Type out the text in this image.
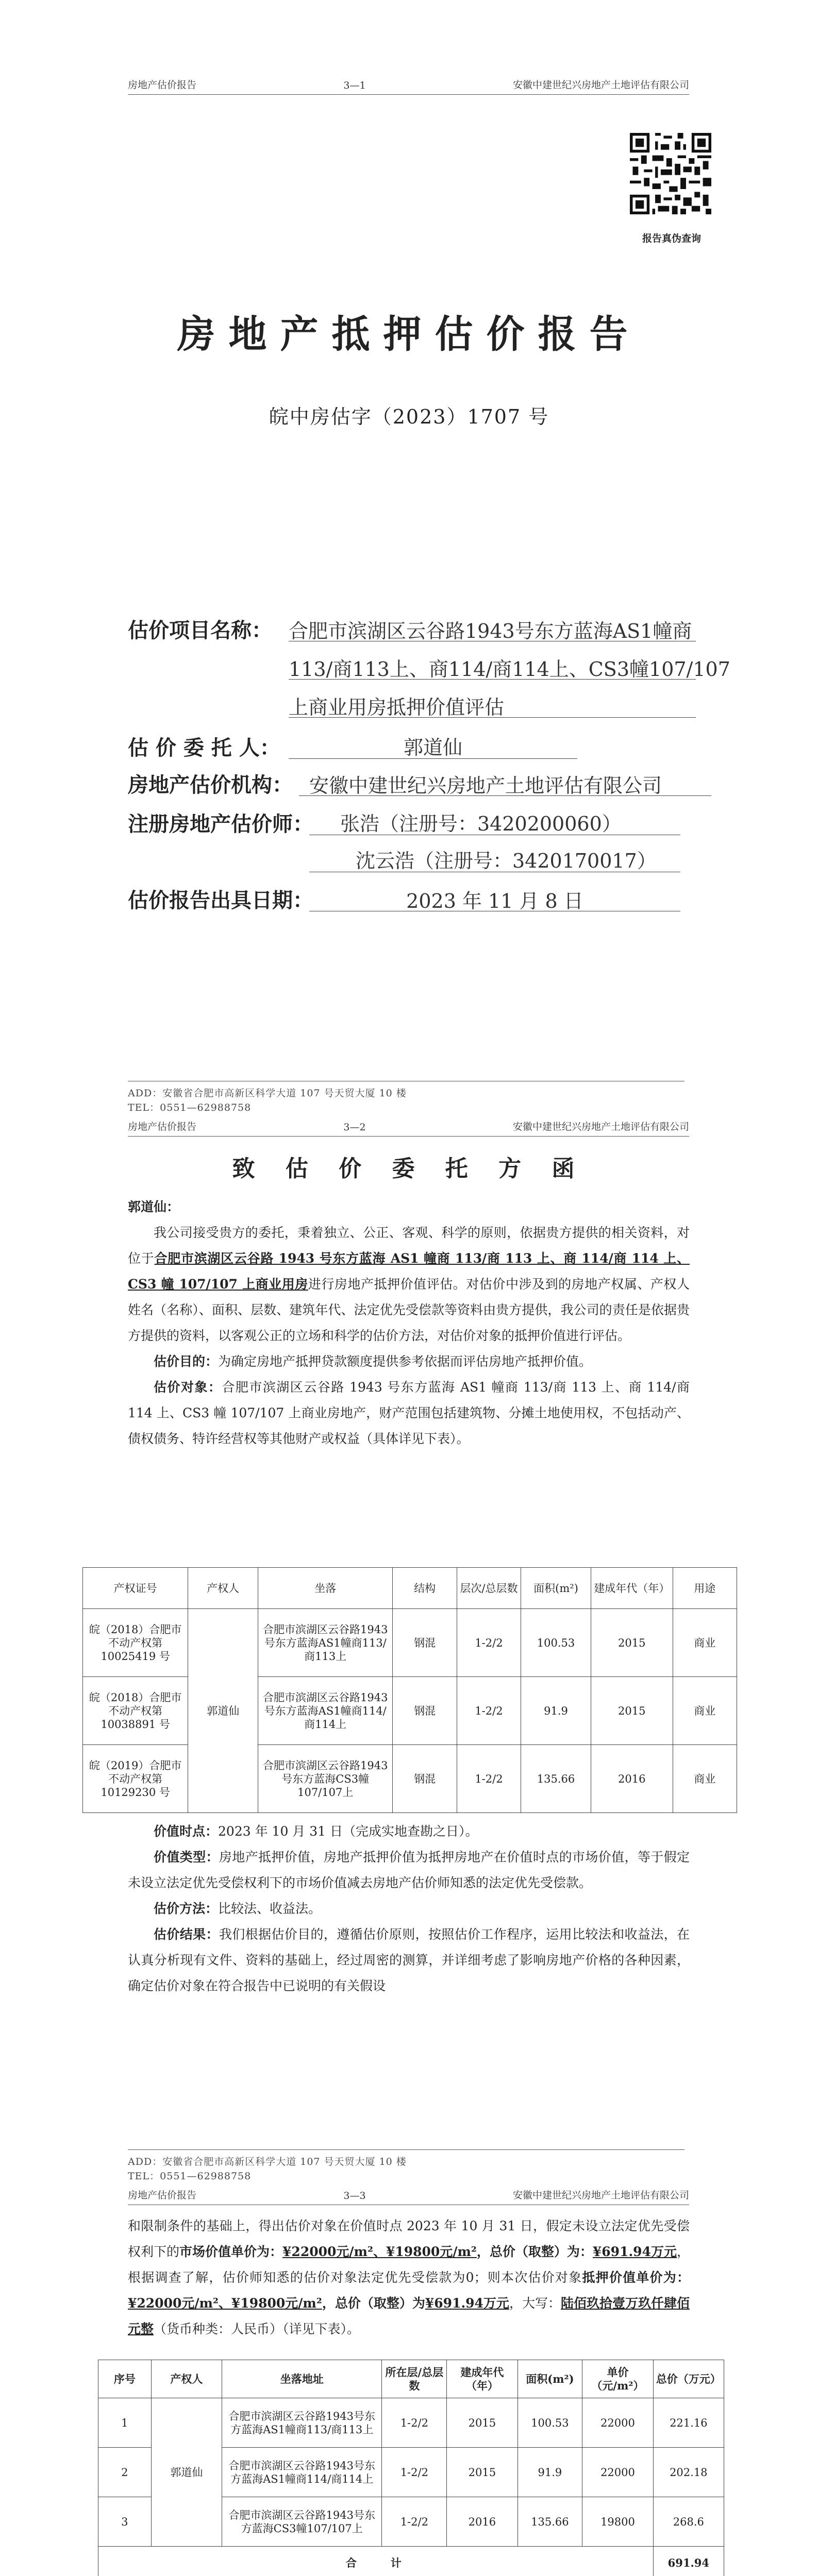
房地产估价报告	3—1	安徽中建世纪兴房地产土地评估有限公司
报告真伪查询
房地产抵押估价报告
皖中房估字（2023）1707 号
估价项目名称： 合肥市滨湖区云谷路1943号东方蓝海AS1幢商
113/商113上、商114/商114上、CS3幢107/107
上商业用房抵押价值评估
估 价 委 托 人：	郭道仙
房地产估价机构： 安徽中建世纪兴房地产土地评估有限公司
注册房地产估价师： 张浩（注册号：3420200060）
沈云浩（注册号：3420170017）
估价报告出具日期：	2023 年 11 月 8 日
ADD：安徽省合肥市高新区科学大道 107 号天贸大厦 10 楼
TEL：0551—62988758
房地产估价报告	3—2	安徽中建世纪兴房地产土地评估有限公司
致 估 价 委 托 方 函
郭道仙：
我公司接受贵方的委托，秉着独立、公正、客观、科学的原则，依据贵方提供的相关资料，对位于合肥市滨湖区云谷路 1943 号东方蓝海 AS1 幢商 113/商 113 上、商 114/商 114 上、CS3 幢 107/107 上商业用房进行房地产抵押价值评估。对估价中涉及到的房地产权属、产权人姓名（名称）、面积、层数、建筑年代、法定优先受偿款等资料由贵方提供，我公司的责任是依据贵方提供的资料，以客观公正的立场和科学的估价方法，对估价对象的抵押价值进行评估。
估价目的：为确定房地产抵押贷款额度提供参考依据而评估房地产抵押价值。
估价对象：合肥市滨湖区云谷路 1943 号东方蓝海 AS1 幢商 113/商 113 上、商 114/商 114 上、CS3 幢 107/107 上商业房地产，财产范围包括建筑物、分摊土地使用权，不包括动产、债权债务、特许经营权等其他财产或权益（具体详见下表）。
产权证号	产权人	坐落	结构	层次/总层数	面积(m²)	建成年代（年）	用途
皖（2018）合肥市不动产权第 10025419 号	郭道仙	合肥市滨湖区云谷路1943号东方蓝海AS1幢商113/商113上	钢混	1-2/2	100.53	2015	商业
皖（2018）合肥市不动产权第 10038891 号		合肥市滨湖区云谷路1943号东方蓝海AS1幢商114/商114上	钢混	1-2/2	91.9	2015	商业
皖（2019）合肥市不动产权第 10129230 号		合肥市滨湖区云谷路1943号东方蓝海CS3幢107/107上	钢混	1-2/2	135.66	2016	商业
价值时点：2023 年 10 月 31 日（完成实地查勘之日）。
价值类型：房地产抵押价值，房地产抵押价值为抵押房地产在价值时点的市场价值，等于假定未设立法定优先受偿权利下的市场价值减去房地产估价师知悉的法定优先受偿款。
估价方法：比较法、收益法。
估价结果：我们根据估价目的，遵循估价原则，按照估价工作程序，运用比较法和收益法，在认真分析现有文件、资料的基础上，经过周密的测算，并详细考虑了影响房地产价格的各种因素，确定估价对象在符合报告中已说明的有关假设
ADD：安徽省合肥市高新区科学大道 107 号天贸大厦 10 楼
TEL：0551—62988758
房地产估价报告	3—3	安徽中建世纪兴房地产土地评估有限公司
和限制条件的基础上，得出估价对象在价值时点 2023 年 10 月 31 日，假定未设立法定优先受偿权利下的市场价值单价为：¥22000元/m²、¥19800元/m²，总价（取整）为：¥691.94万元，根据调查了解，估价师知悉的估价对象法定优先受偿款为0；则本次估价对象抵押价值单价为：¥22000元/m²、¥19800元/m²，总价（取整）为¥691.94万元，大写：陆佰玖拾壹万玖仟肆佰元整（货币种类：人民币）（详见下表）。
序号	产权人	坐落地址	所在层/总层数	建成年代（年）	面积(m²)	单价（元/m²）	总价（万元）
1	郭道仙	合肥市滨湖区云谷路1943号东方蓝海AS1幢商113/商113上	1-2/2	2015	100.53	22000	221.16
2		合肥市滨湖区云谷路1943号东方蓝海AS1幢商114/商114上	1-2/2	2015	91.9	22000	202.18
3		合肥市滨湖区云谷路1943号东方蓝海CS3幢107/107上	1-2/2	2016	135.66	19800	268.6
合　　计							691.94
